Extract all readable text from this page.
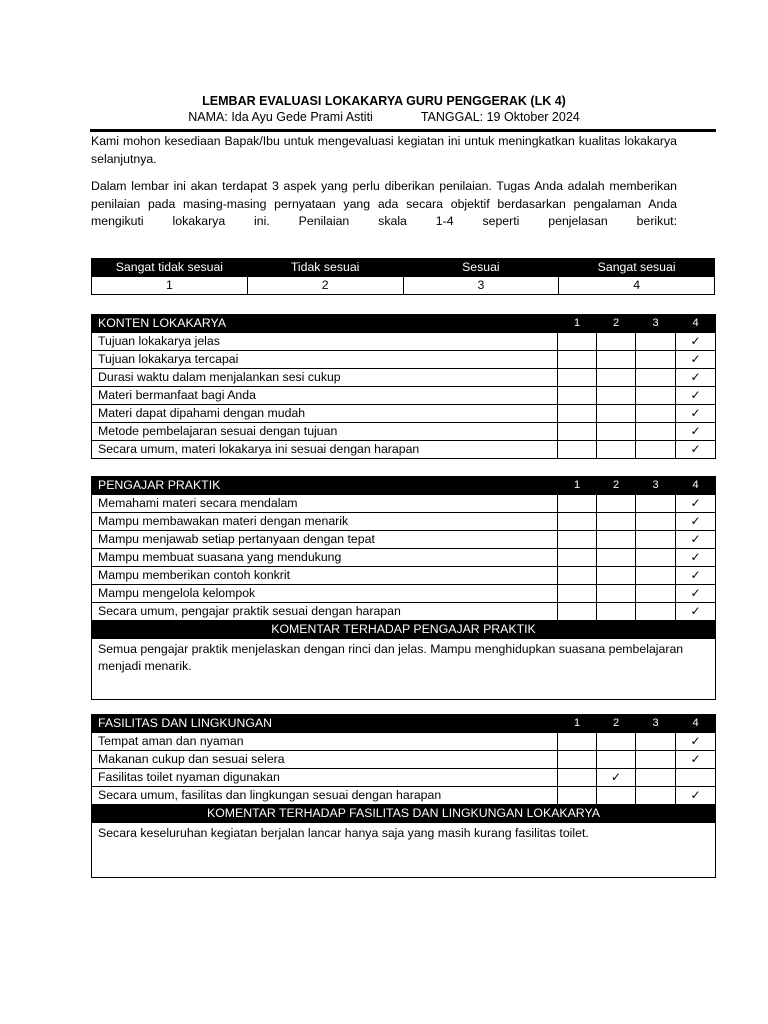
LEMBAR EVALUASI LOKAKARYA GURU PENGGERAK (LK 4)
NAMA: Ida Ayu Gede Prami Astiti	TANGGAL: 19 Oktober 2024
Kami mohon kesediaan Bapak/Ibu untuk mengevaluasi kegiatan ini untuk meningkatkan kualitas lokakarya selanjutnya.
Dalam lembar ini akan terdapat 3 aspek yang perlu diberikan penilaian. Tugas Anda adalah memberikan penilaian pada masing-masing pernyataan yang ada secara objektif berdasarkan pengalaman Anda mengikuti lokakarya ini. Penilaian skala 1-4 seperti penjelasan berikut:
Sangat tidak sesuai	Tidak sesuai	Sesuai	Sangat sesuai
1	2	3	4
KONTEN LOKAKARYA	1	2	3	4
Tujuan lokakarya jelas				✓
Tujuan lokakarya tercapai				✓
Durasi waktu dalam menjalankan sesi cukup				✓
Materi bermanfaat bagi Anda				✓
Materi dapat dipahami dengan mudah				✓
Metode pembelajaran sesuai dengan tujuan				✓
Secara umum, materi lokakarya ini sesuai dengan harapan				✓
PENGAJAR PRAKTIK	1	2	3	4
Memahami materi secara mendalam				✓
Mampu membawakan materi dengan menarik				✓
Mampu menjawab setiap pertanyaan dengan tepat				✓
Mampu membuat suasana yang mendukung				✓
Mampu memberikan contoh konkrit				✓
Mampu mengelola kelompok				✓
Secara umum, pengajar praktik sesuai dengan harapan				✓
KOMENTAR TERHADAP PENGAJAR PRAKTIK				
Semua pengajar praktik menjelaskan dengan rinci dan jelas. Mampu menghidupkan suasana pembelajaran menjadi menarik.				
FASILITAS DAN LINGKUNGAN	1	2	3	4
Tempat aman dan nyaman				✓
Makanan cukup dan sesuai selera				✓
Fasilitas toilet nyaman digunakan		✓		
Secara umum, fasilitas dan lingkungan sesuai dengan harapan				✓
KOMENTAR TERHADAP FASILITAS DAN LINGKUNGAN LOKAKARYA				
Secara keseluruhan kegiatan berjalan lancar hanya saja yang masih kurang fasilitas toilet.				
